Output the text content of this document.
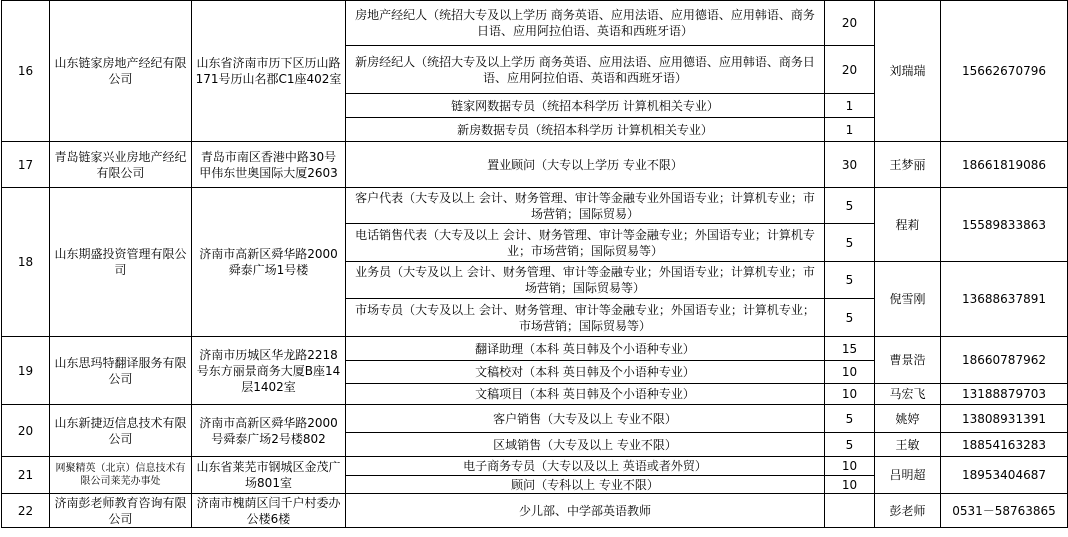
16	山东链家房地产经纪有限公司	山东省济南市历下区历山路171号历山名郡C1座402室	房地产经纪人（统招大专及以上学历 商务英语、应用法语、应用德语、应用韩语、商务日语、应用阿拉伯语、英语和西班牙语）	20	刘瑞瑞	15662670796
			新房经纪人（统招大专及以上学历 商务英语、应用法语、应用德语、应用韩语、商务日语、应用阿拉伯语、英语和西班牙语）	20		
			链家网数据专员（统招本科学历 计算机相关专业）	1		
			新房数据专员（统招本科学历 计算机相关专业）	1		
17	青岛链家兴业房地产经纪有限公司	青岛市南区香港中路30号甲伟东世奥国际大厦2603	置业顾问（大专以上学历 专业不限）	30	王梦丽	18661819086
18	山东期盛投资管理有限公司	济南市高新区舜华路2000舜泰广场1号楼	客户代表（大专及以上 会计、财务管理、审计等金融专业外国语专业；计算机专业；市场营销；国际贸易）	5	程莉	15589833863
			电话销售代表（大专及以上 会计、财务管理、审计等金融专业；外国语专业；计算机专业；市场营销；国际贸易等）	5		
			业务员（大专及以上 会计、财务管理、审计等金融专业；外国语专业；计算机专业；市场营销；国际贸易等）	5	倪雪刚	13688637891
			市场专员（大专及以上 会计、财务管理、审计等金融专业；外国语专业；计算机专业；市场营销；国际贸易等）	5		
19	山东思玛特翻译服务有限公司	济南市历城区华龙路2218号东方丽景商务大厦B座14层1402室	翻译助理（本科 英日韩及个小语种专业）	15	曹景浩	18660787962
			文稿校对（本科 英日韩及个小语种专业）	10		
			文稿项目（本科 英日韩及个小语种专业）	10	马宏飞	13188879703
20	山东新捷迈信息技术有限公司	济南市高新区舜华路2000号舜泰广场2号楼802	客户销售（大专及以上 专业不限）	5	姚婷	13808931391
			区域销售（大专及以上 专业不限）	5	王敏	18854163283
21	网聚精英（北京）信息技术有限公司莱芜办事处	山东省莱芜市钢城区金茂广场801室	电子商务专员（大专以及以上 英语或者外贸）	10	吕明超	18953404687
			顾问（专科以上 专业不限）	10		
22	济南彭老师教育咨询有限公司	济南市槐荫区闫千户村委办公楼6楼	少儿部、中学部英语教师		彭老师	0531－58763865
